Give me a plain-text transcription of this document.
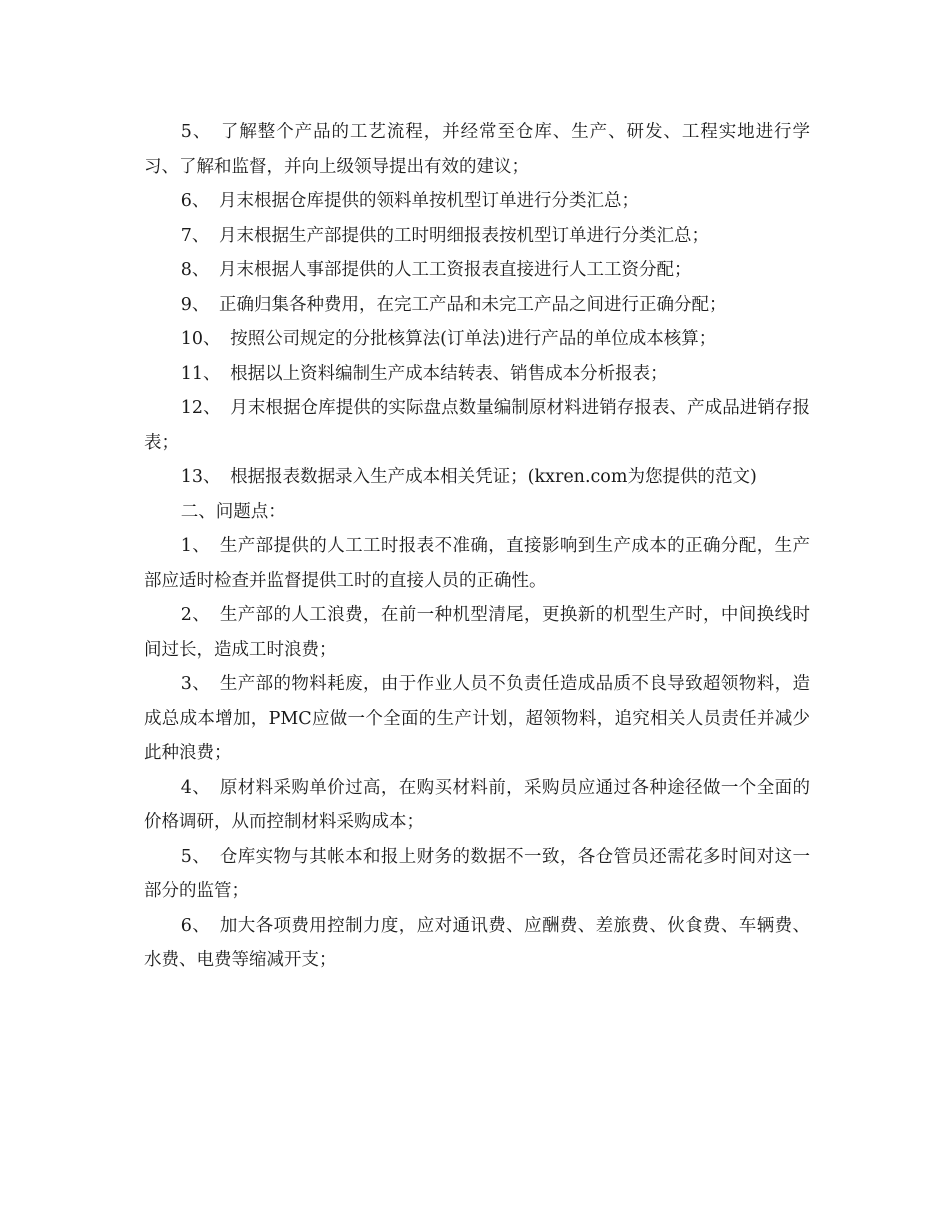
5、 了解整个产品的工艺流程，并经常至仓库、生产、研发、工程实地进行学习、了解和监督，并向上级领导提出有效的建议；

6、 月末根据仓库提供的领料单按机型订单进行分类汇总；

7、 月末根据生产部提供的工时明细报表按机型订单进行分类汇总；

8、 月末根据人事部提供的人工工资报表直接进行人工工资分配；

9、 正确归集各种费用，在完工产品和未完工产品之间进行正确分配；

10、 按照公司规定的分批核算法(订单法)进行产品的单位成本核算；

11、 根据以上资料编制生产成本结转表、销售成本分析报表；

12、 月末根据仓库提供的实际盘点数量编制原材料进销存报表、产成品进销存报表；

13、 根据报表数据录入生产成本相关凭证；(kxren.com为您提供的范文)

二、问题点：

1、 生产部提供的人工工时报表不准确，直接影响到生产成本的正确分配，生产部应适时检查并监督提供工时的直接人员的正确性。

2、 生产部的人工浪费，在前一种机型清尾，更换新的机型生产时，中间换线时间过长，造成工时浪费；

3、 生产部的物料耗废，由于作业人员不负责任造成品质不良导致超领物料，造成总成本增加，PMC应做一个全面的生产计划，超领物料，追究相关人员责任并减少此种浪费；

4、 原材料采购单价过高，在购买材料前，采购员应通过各种途径做一个全面的价格调研，从而控制材料采购成本；

5、 仓库实物与其帐本和报上财务的数据不一致，各仓管员还需花多时间对这一部分的监管；

6、 加大各项费用控制力度，应对通讯费、应酬费、差旅费、伙食费、车辆费、水费、电费等缩减开支；
